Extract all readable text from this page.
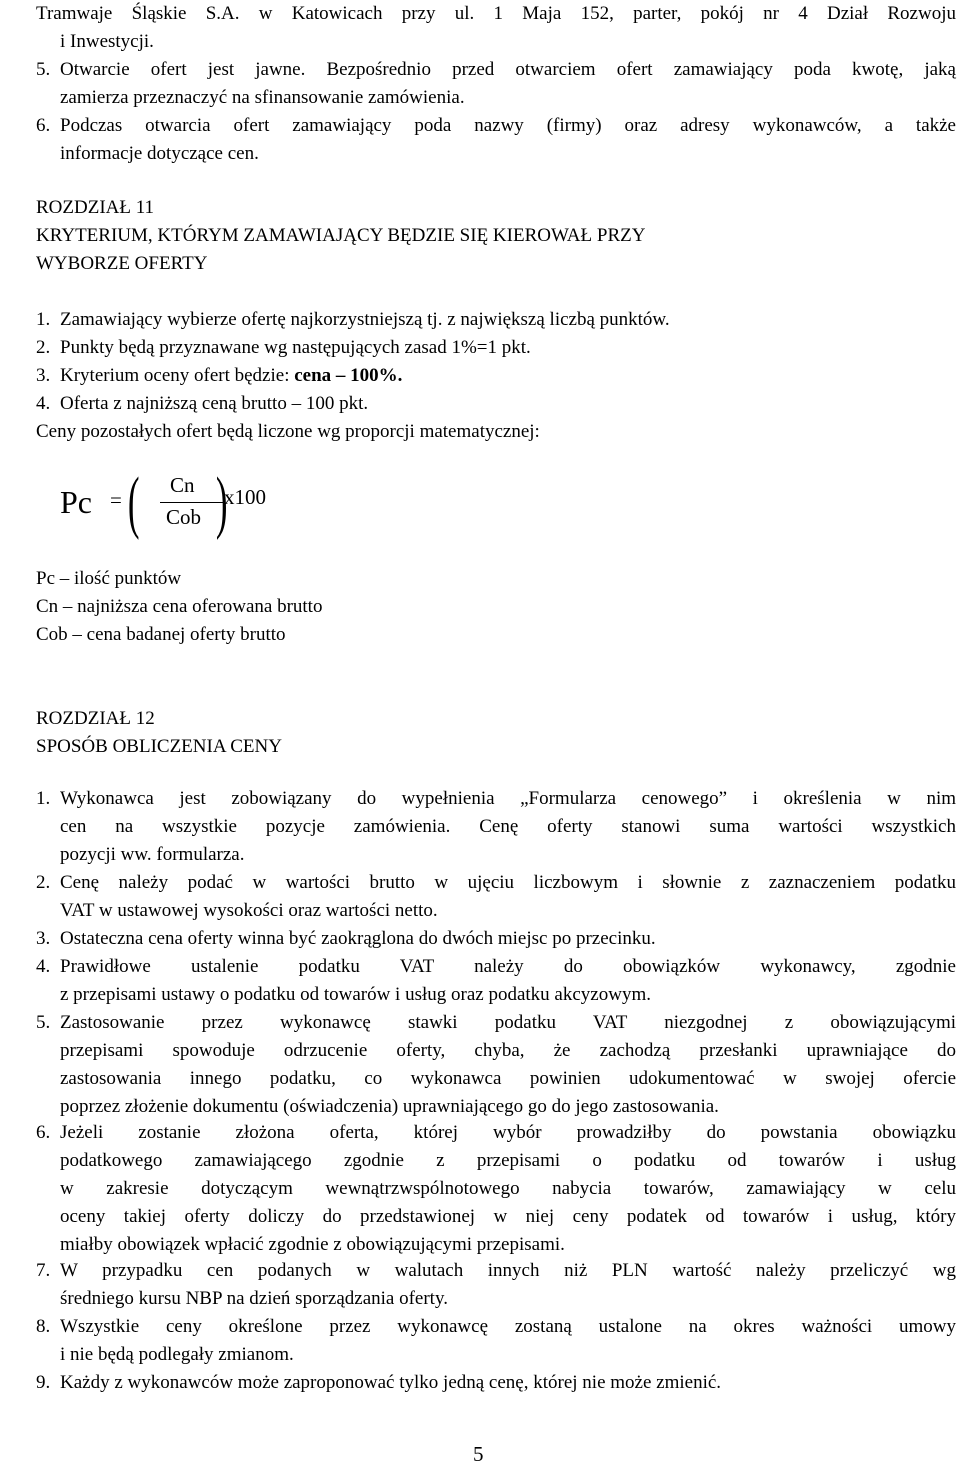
Tramwaje Śląskie S.A. w Katowicach przy ul. 1 Maja 152, parter, pokój nr 4 Dział Rozwoju
i Inwestycji.
5. Otwarcie ofert jest jawne. Bezpośrednio przed otwarciem ofert zamawiający poda kwotę, jaką
zamierza przeznaczyć na sfinansowanie zamówienia.
6. Podczas otwarcia ofert zamawiający poda nazwy (firmy) oraz adresy wykonawców, a także
informacje dotyczące cen.
ROZDZIAŁ 11
KRYTERIUM, KTÓRYM ZAMAWIAJĄCY BĘDZIE SIĘ KIEROWAŁ PRZY
WYBORZE OFERTY
1. Zamawiający wybierze ofertę najkorzystniejszą tj. z największą liczbą punktów.
2. Punkty będą przyznawane wg następujących zasad 1%=1 pkt.
3. Kryterium oceny ofert będzie: cena – 100%.
4. Oferta z najniższą ceną brutto – 100 pkt.
Ceny pozostałych ofert będą liczone wg proporcji matematycznej:
Pc = ( Cn
Cob )
x100
Pc – ilość punktów
Cn – najniższa cena oferowana brutto
Cob – cena badanej oferty brutto
ROZDZIAŁ 12
SPOSÓB OBLICZENIA CENY
1. Wykonawca jest zobowiązany do wypełnienia „Formularza cenowego” i określenia w nim
cen na wszystkie pozycje zamówienia. Cenę oferty stanowi suma wartości wszystkich
pozycji ww. formularza.
2. Cenę należy podać w wartości brutto w ujęciu liczbowym i słownie z zaznaczeniem podatku
VAT w ustawowej wysokości oraz wartości netto.
3. Ostateczna cena oferty winna być zaokrąglona do dwóch miejsc po przecinku.
4. Prawidłowe ustalenie podatku VAT należy do obowiązków wykonawcy, zgodnie
z przepisami ustawy o podatku od towarów i usług oraz podatku akcyzowym.
5. Zastosowanie przez wykonawcę stawki podatku VAT niezgodnej z obowiązującymi
przepisami spowoduje odrzucenie oferty, chyba, że zachodzą przesłanki uprawniające do
zastosowania innego podatku, co wykonawca powinien udokumentować w swojej ofercie
poprzez złożenie dokumentu (oświadczenia) uprawniającego go do jego zastosowania.
6. Jeżeli zostanie złożona oferta, której wybór prowadziłby do powstania obowiązku
podatkowego zamawiającego zgodnie z przepisami o podatku od towarów i usług
w zakresie dotyczącym wewnątrzwspólnotowego nabycia towarów, zamawiający w celu
oceny takiej oferty doliczy do przedstawionej w niej ceny podatek od towarów i usług, który
miałby obowiązek wpłacić zgodnie z obowiązującymi przepisami.
7. W przypadku cen podanych w walutach innych niż PLN wartość należy przeliczyć wg
średniego kursu NBP na dzień sporządzania oferty.
8. Wszystkie ceny określone przez wykonawcę zostaną ustalone na okres ważności umowy
i nie będą podlegały zmianom.
9. Każdy z wykonawców może zaproponować tylko jedną cenę, której nie może zmienić.
5
